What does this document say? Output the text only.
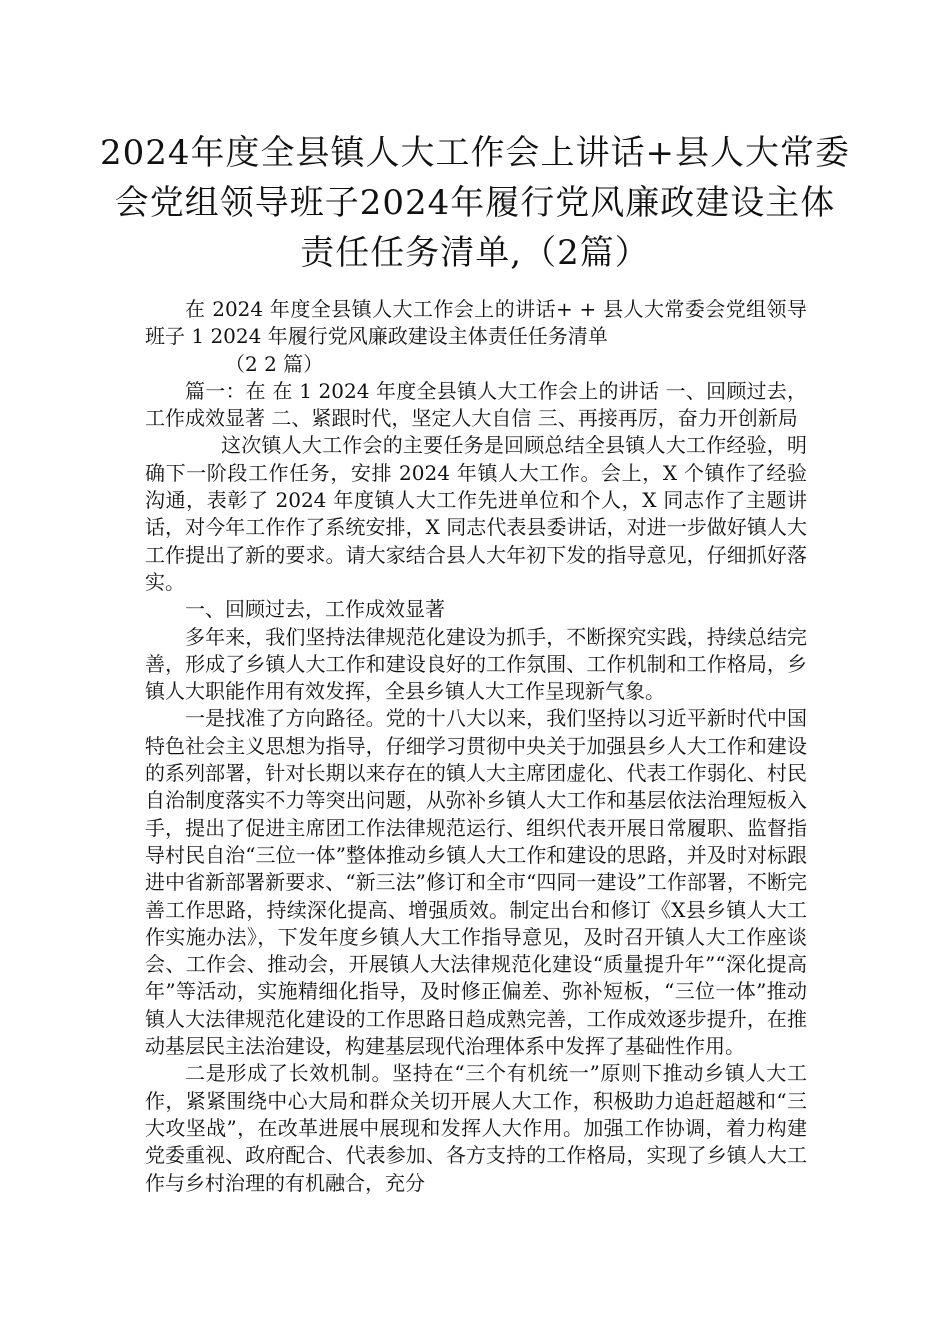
2024年度全县镇人大工作会上讲话+县人大常委会党组领导班子2024年履行党风廉政建设主体责任任务清单,（2篇）

在 2024 年度全县镇人大工作会上的讲话+ + 县人大常委会党组领导班子 1 2024 年履行党风廉政建设主体责任任务清单

（2 2 篇）

篇一：在 在 1 2024 年度全县镇人大工作会上的讲话 一、回顾过去，工作成效显著 二、紧跟时代，坚定人大自信 三、再接再厉，奋力开创新局

这次镇人大工作会的主要任务是回顾总结全县镇人大工作经验，明确下一阶段工作任务，安排 2024 年镇人大工作。会上，X 个镇作了经验沟通，表彰了 2024 年度镇人大工作先进单位和个人，X 同志作了主题讲话，对今年工作作了系统安排，X 同志代表县委讲话，对进一步做好镇人大工作提出了新的要求。请大家结合县人大年初下发的指导意见，仔细抓好落实。

一、回顾过去，工作成效显著

多年来，我们坚持法律规范化建设为抓手，不断探究实践，持续总结完善，形成了乡镇人大工作和建设良好的工作氛围、工作机制和工作格局，乡镇人大职能作用有效发挥，全县乡镇人大工作呈现新气象。

一是找准了方向路径。党的十八大以来，我们坚持以习近平新时代中国特色社会主义思想为指导，仔细学习贯彻中央关于加强县乡人大工作和建设的系列部署，针对长期以来存在的镇人大主席团虚化、代表工作弱化、村民自治制度落实不力等突出问题，从弥补乡镇人大工作和基层依法治理短板入手，提出了促进主席团工作法律规范运行、组织代表开展日常履职、监督指导村民自治“三位一体”整体推动乡镇人大工作和建设的思路，并及时对标跟进中省新部署新要求、“新三法”修订和全市“四同一建设”工作部署，不断完善工作思路，持续深化提高、增强质效。制定出台和修订《X县乡镇人大工作实施办法》，下发年度乡镇人大工作指导意见，及时召开镇人大工作座谈会、工作会、推动会，开展镇人大法律规范化建设“质量提升年”“深化提高年”等活动，实施精细化指导，及时修正偏差、弥补短板，“三位一体”推动镇人大法律规范化建设的工作思路日趋成熟完善，工作成效逐步提升，在推动基层民主法治建设，构建基层现代治理体系中发挥了基础性作用。

二是形成了长效机制。坚持在“三个有机统一”原则下推动乡镇人大工作，紧紧围绕中心大局和群众关切开展人大工作，积极助力追赶超越和“三大攻坚战”，在改革进展中展现和发挥人大作用。加强工作协调，着力构建党委重视、政府配合、代表参加、各方支持的工作格局，实现了乡镇人大工作与乡村治理的有机融合，充分
